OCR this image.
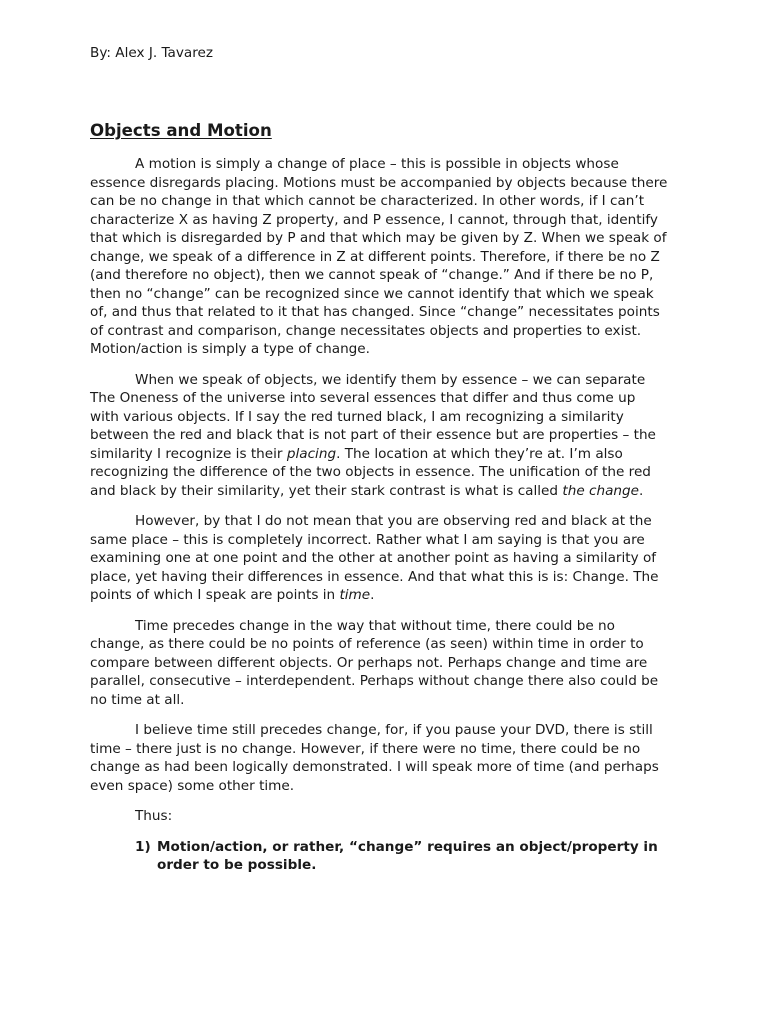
By: Alex J. Tavarez

Objects and Motion

A motion is simply a change of place – this is possible in objects whose
essence disregards placing. Motions must be accompanied by objects because there
can be no change in that which cannot be characterized. In other words, if I can’t
characterize X as having Z property, and P essence, I cannot, through that, identify
that which is disregarded by P and that which may be given by Z. When we speak of
change, we speak of a difference in Z at different points. Therefore, if there be no Z
(and therefore no object), then we cannot speak of “change.” And if there be no P,
then no “change” can be recognized since we cannot identify that which we speak
of, and thus that related to it that has changed. Since “change” necessitates points
of contrast and comparison, change necessitates objects and properties to exist.
Motion/action is simply a type of change.

When we speak of objects, we identify them by essence – we can separate
The Oneness of the universe into several essences that differ and thus come up
with various objects. If I say the red turned black, I am recognizing a similarity
between the red and black that is not part of their essence but are properties – the
similarity I recognize is their placing. The location at which they’re at. I’m also
recognizing the difference of the two objects in essence. The unification of the red
and black by their similarity, yet their stark contrast is what is called the change.

However, by that I do not mean that you are observing red and black at the
same place – this is completely incorrect. Rather what I am saying is that you are
examining one at one point and the other at another point as having a similarity of
place, yet having their differences in essence. And that what this is is: Change. The
points of which I speak are points in time.

Time precedes change in the way that without time, there could be no
change, as there could be no points of reference (as seen) within time in order to
compare between different objects. Or perhaps not. Perhaps change and time are
parallel, consecutive – interdependent. Perhaps without change there also could be
no time at all.

I believe time still precedes change, for, if you pause your DVD, there is still
time – there just is no change. However, if there were no time, there could be no
change as had been logically demonstrated. I will speak more of time (and perhaps
even space) some other time.

Thus:

1) Motion/action, or rather, “change” requires an object/property in
order to be possible.
